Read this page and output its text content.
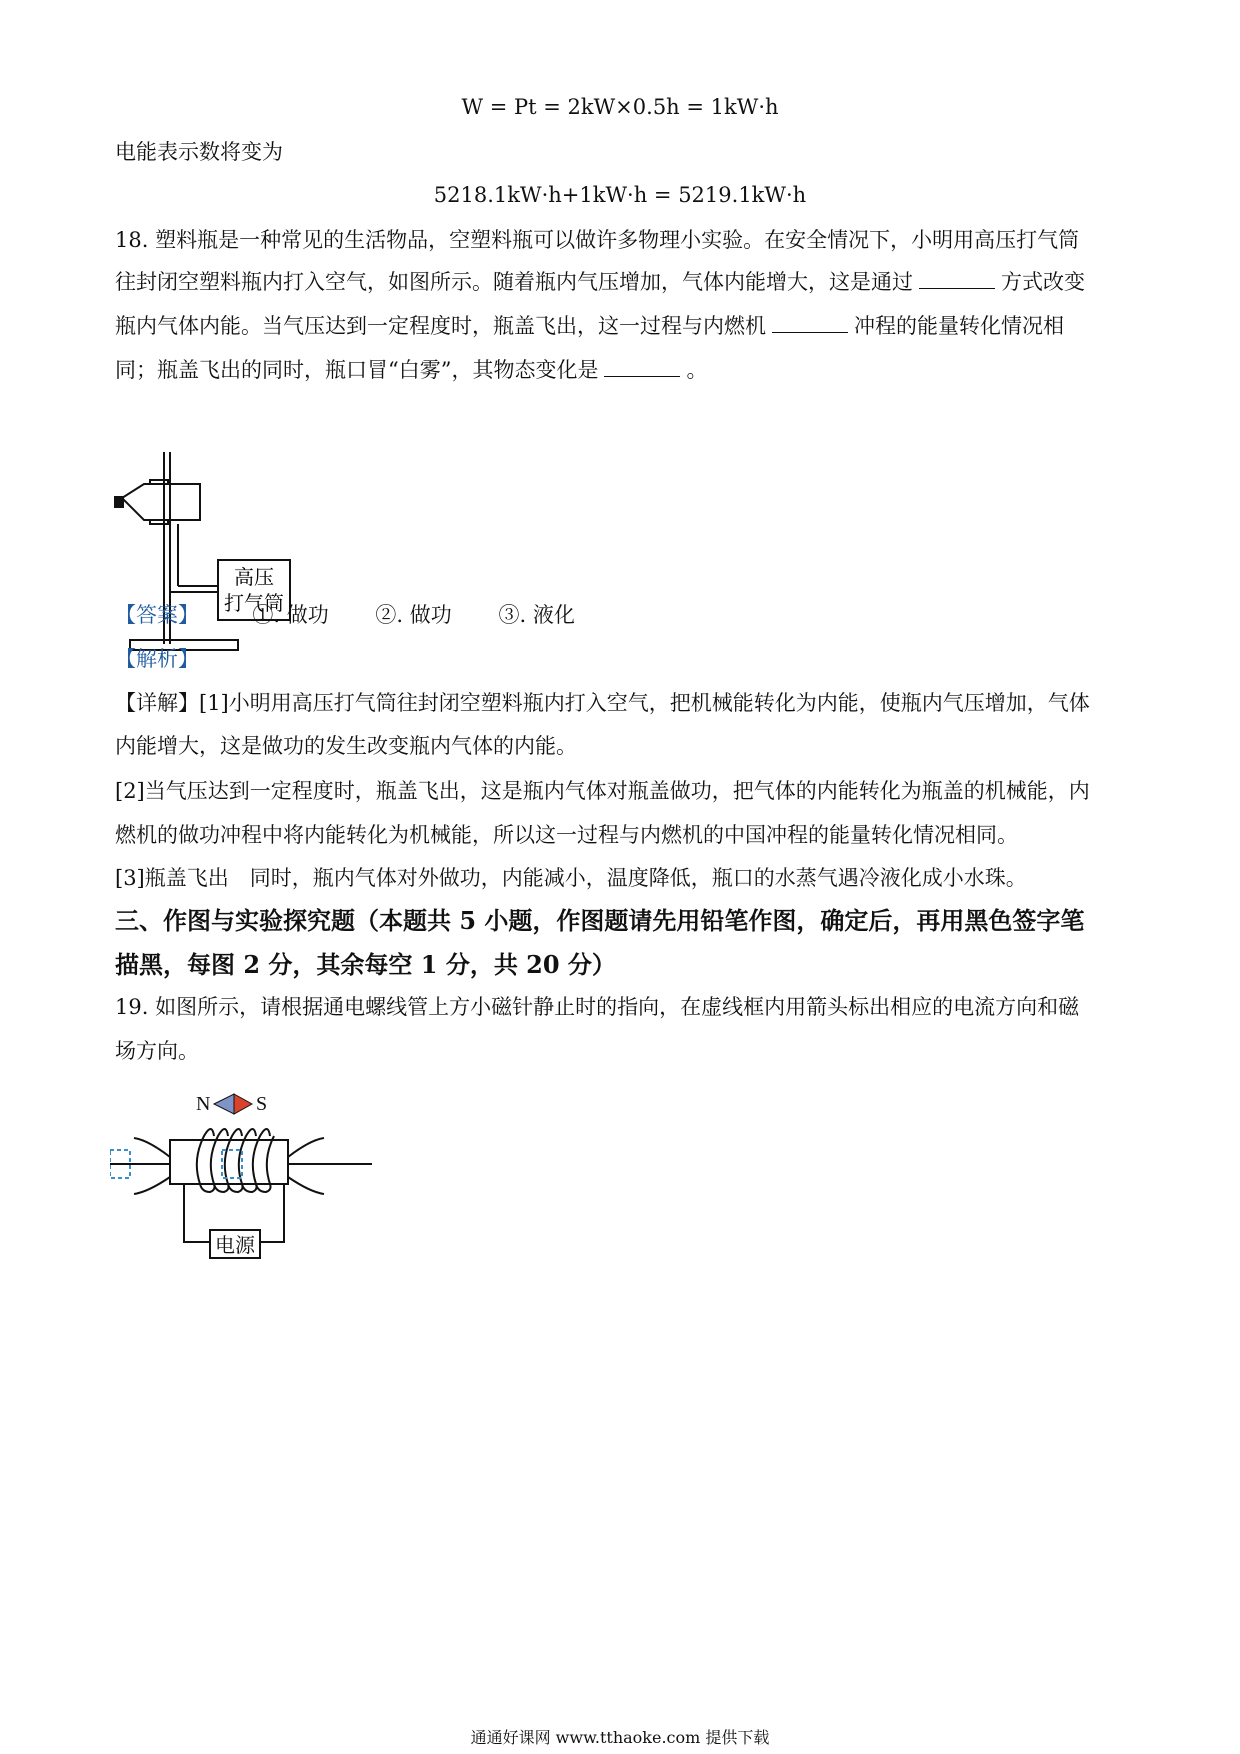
W = Pt = 2kW×0.5h = 1kW·h
电能表示数将变为
5218.1kW·h+1kW·h = 5219.1kW·h
18. 塑料瓶是一种常见的生活物品，空塑料瓶可以做许多物理小实验。在安全情况下，小明用高压打气筒
往封闭空塑料瓶内打入空气，如图所示。随着瓶内气压增加，气体内能增大，这是通过	方式改变
瓶内气体内能。当气压达到一定程度时，瓶盖飞出，这一过程与内燃机	冲程的能量转化情况相
同；瓶盖飞出的同时，瓶口冒“白雾”，其物态变化是	。
高压
打气筒
【答案】	①. 做功 ②. 做功 ③. 液化
【解析】
【详解】[1]小明用高压打气筒往封闭空塑料瓶内打入空气，把机械能转化为内能，使瓶内气压增加，气体
内能增大，这是做功的发生改变瓶内气体的内能。
[2]当气压达到一定程度时，瓶盖飞出，这是瓶内气体对瓶盖做功，把气体的内能转化为瓶盖的机械能，内
燃机的做功冲程中将内能转化为机械能，所以这一过程与内燃机的中国冲程的能量转化情况相同。
[3]瓶盖飞出　同时，瓶内气体对外做功，内能减小，温度降低，瓶口的水蒸气遇冷液化成小水珠。
三、作图与实验探究题（本题共 5 小题，作图题请先用铅笔作图，确定后，再用黑色签字笔
描黑，每图 2 分，其余每空 1 分，共 20 分）
19. 如图所示，请根据通电螺线管上方小磁针静止时的指向，在虚线框内用箭头标出相应的电流方向和磁
场方向。
N S
电源
通通好课网 www.tthaoke.com 提供下载
